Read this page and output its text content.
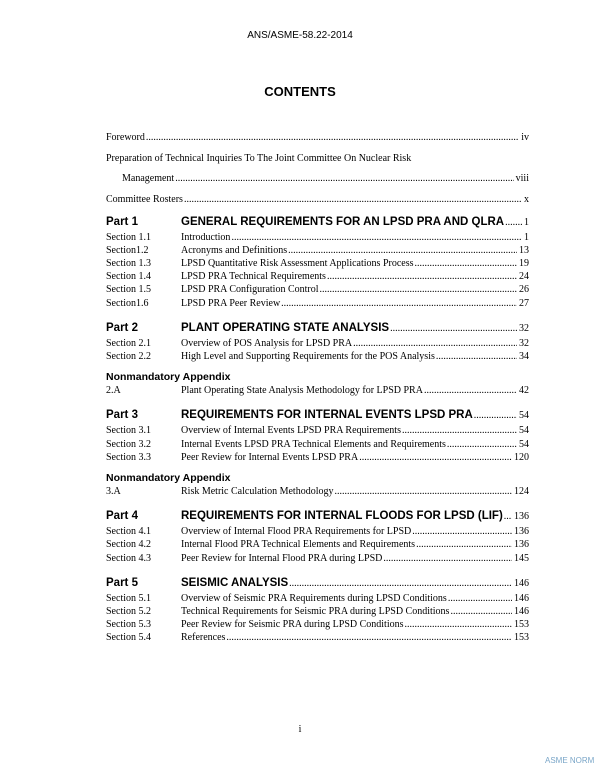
ANS/ASME-58.22-2014
CONTENTS
Foreword .....	iv
Preparation of Technical Inquiries To The Joint Committee On Nuclear Risk
Management .....	viii
Committee Rosters .....	x
Part 1	GENERAL REQUIREMENTS FOR AN LPSD PRA AND QLRA ..... 1
Section 1.1	Introduction .....	1
Section1.2	Acronyms and Definitions .....	13
Section 1.3	LPSD Quantitative Risk Assessment Applications Process .....	19
Section 1.4	LPSD PRA Technical Requirements .....	24
Section 1.5	LPSD PRA Configuration Control .....	26
Section1.6	LPSD PRA Peer Review .....	27
Part 2	PLANT OPERATING STATE ANALYSIS .....	32
Section 2.1	Overview of POS Analysis for LPSD PRA .....	32
Section 2.2	High Level and Supporting Requirements for the POS Analysis .....	34
Nonmandatory Appendix
2.A	Plant Operating State Analysis Methodology for LPSD PRA .....	42
Part 3	REQUIREMENTS FOR INTERNAL EVENTS LPSD PRA .....	54
Section 3.1	Overview of Internal Events LPSD PRA Requirements .....	54
Section 3.2	Internal Events LPSD PRA Technical Elements and Requirements .....	54
Section 3.3	Peer Review for Internal Events LPSD PRA .....	120
Nonmandatory Appendix
3.A	Risk Metric Calculation Methodology .....	124
Part 4	REQUIREMENTS FOR INTERNAL FLOODS FOR LPSD (LIF) ..... 136
Section 4.1	Overview of Internal Flood PRA Requirements for LPSD .....	136
Section 4.2	Internal Flood PRA Technical Elements and Requirements .....	136
Section 4.3	Peer Review for Internal Flood PRA during LPSD .....	145
Part 5	SEISMIC ANALYSIS .....	146
Section 5.1	Overview of Seismic PRA Requirements during LPSD Conditions .....	146
Section 5.2	Technical Requirements for Seismic PRA during LPSD Conditions .....	146
Section 5.3	Peer Review for Seismic PRA during LPSD Conditions .....	153
Section 5.4	References .....	153
i
ASME NORM
